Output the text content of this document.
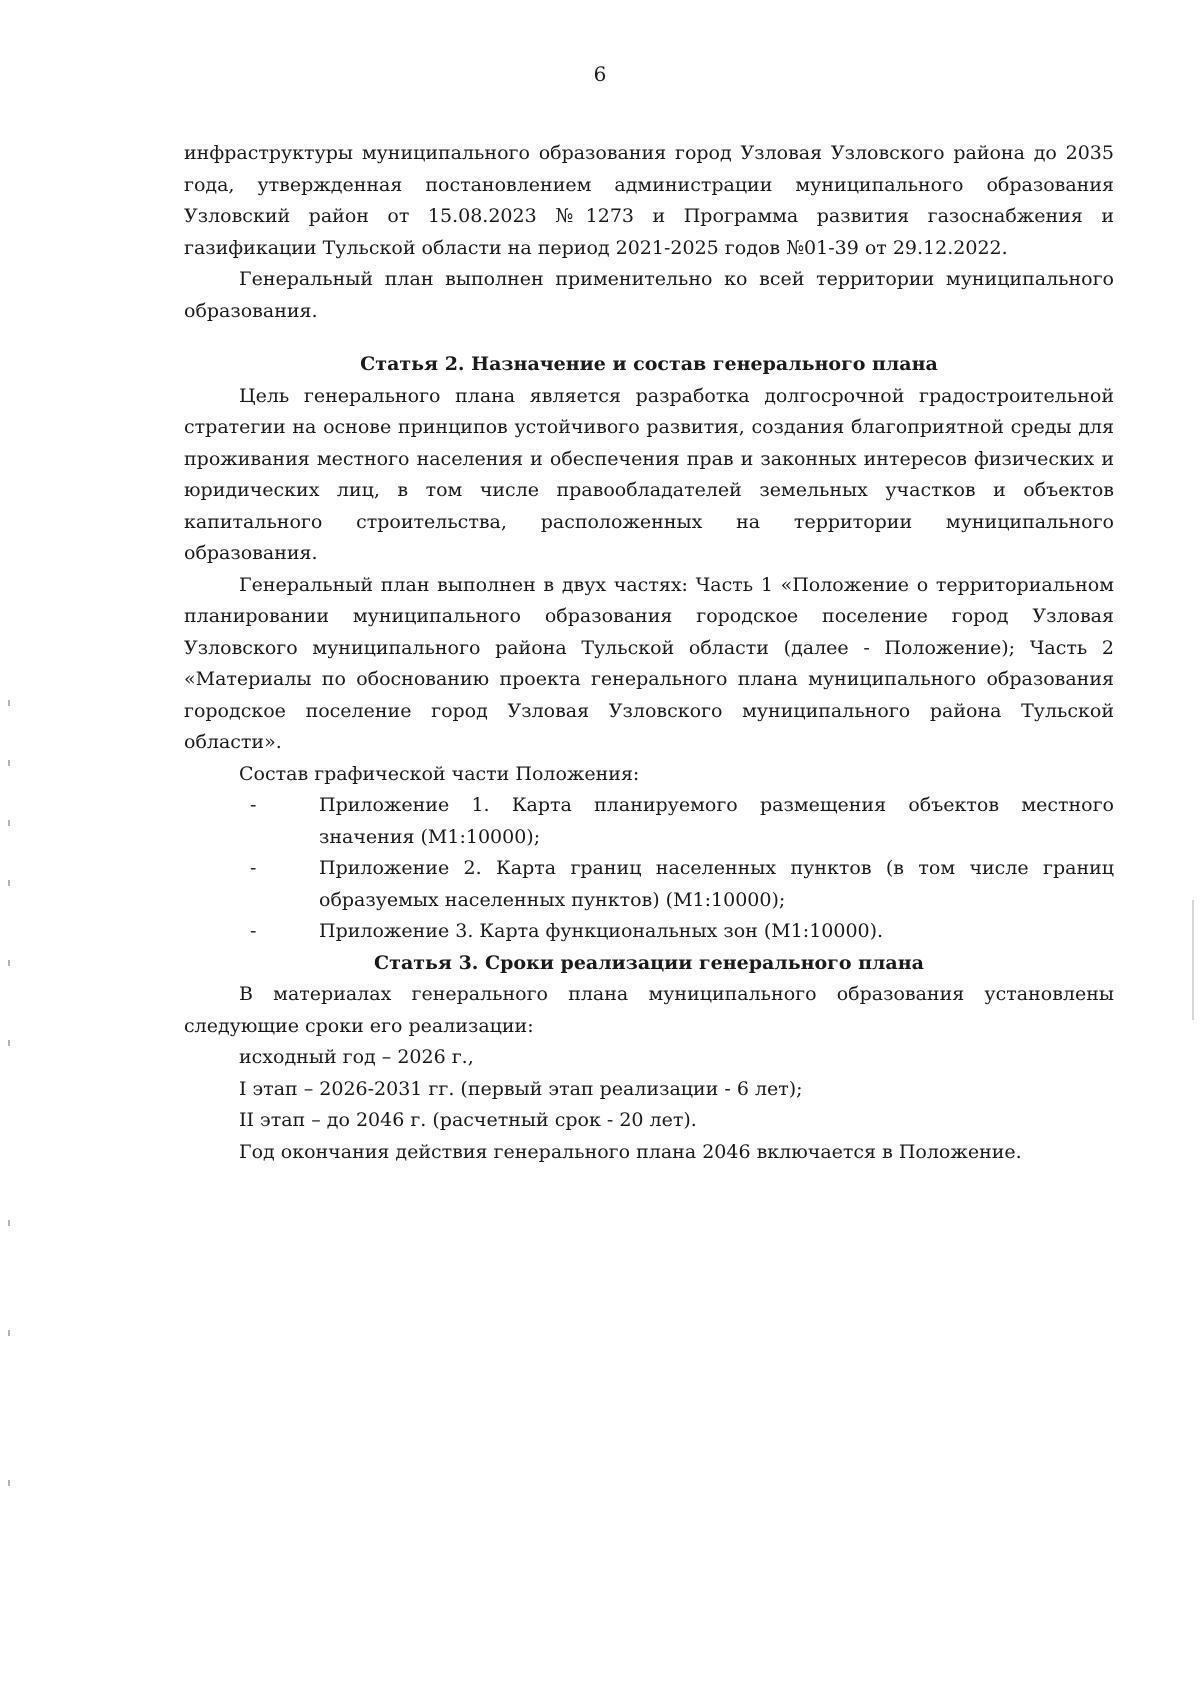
6

инфраструктуры муниципального образования город Узловая Узловского района до 2035 года, утвержденная постановлением администрации муниципального образования Узловский район от 15.08.2023 №1273 и Программа развития газоснабжения и газификации Тульской области на период 2021-2025 годов №01-39 от 29.12.2022.

Генеральный план выполнен применительно ко всей территории муниципального образования.

Статья 2. Назначение и состав генерального плана

Цель генерального плана является разработка долгосрочной градостроительной стратегии на основе принципов устойчивого развития, создания благоприятной среды для проживания местного населения и обеспечения прав и законных интересов физических и юридических лиц, в том числе правообладателей земельных участков и объектов капитального строительства, расположенных на территории муниципального образования.

Генеральный план выполнен в двух частях: Часть 1 «Положение о территориальном планировании муниципального образования городское поселение город Узловая Узловского муниципального района Тульской области (далее - Положение); Часть 2 «Материалы по обоснованию проекта генерального плана муниципального образования городское поселение город Узловая Узловского муниципального района Тульской области».

Состав графической части Положения:

-	Приложение 1. Карта планируемого размещения объектов местного значения (М1:10000);
-	Приложение 2. Карта границ населенных пунктов (в том числе границ образуемых населенных пунктов) (М1:10000);
-	Приложение 3. Карта функциональных зон (М1:10000).

Статья 3. Сроки реализации генерального плана

В материалах генерального плана муниципального образования установлены следующие сроки его реализации:

исходный год – 2026 г.,

I этап – 2026-2031 гг. (первый этап реализации - 6 лет);

II этап – до 2046 г. (расчетный срок - 20 лет).

Год окончания действия генерального плана 2046 включается в Положение.
